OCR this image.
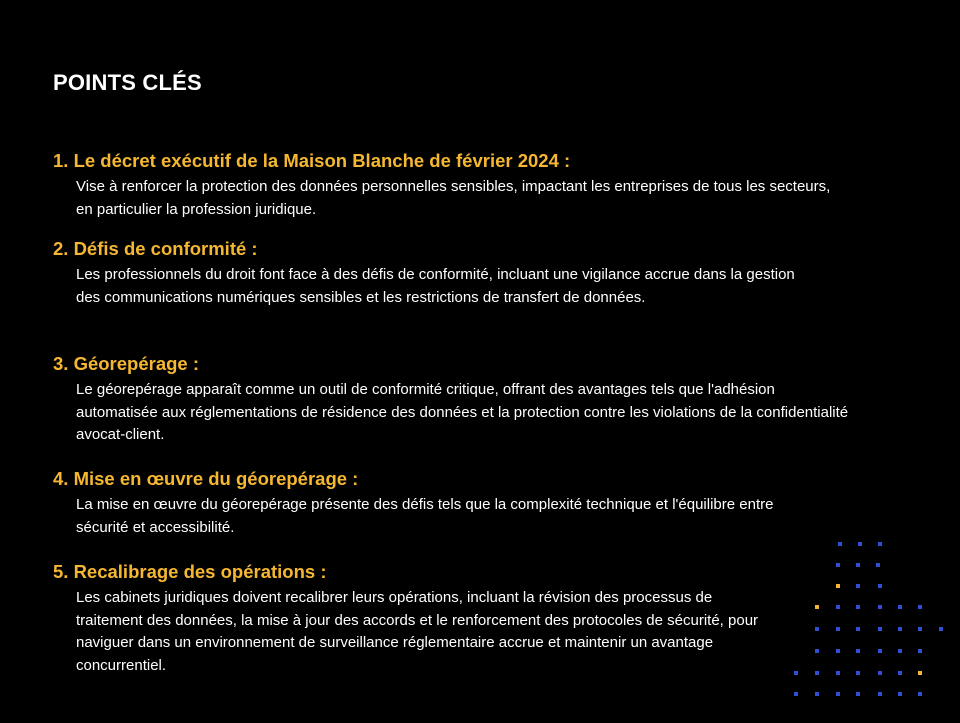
POINTS CLÉS
1. Le décret exécutif de la Maison Blanche de février 2024 :
Vise à renforcer la protection des données personnelles sensibles, impactant les entreprises de tous les secteurs, en particulier la profession juridique.
2. Défis de conformité :
Les professionnels du droit font face à des défis de conformité, incluant une vigilance accrue dans la gestion des communications numériques sensibles et les restrictions de transfert de données.
3. Géorepérage :
Le géorepérage apparaît comme un outil de conformité critique, offrant des avantages tels que l'adhésion automatisée aux réglementations de résidence des données et la protection contre les violations de la confidentialité avocat-client.
4. Mise en œuvre du géorepérage :
La mise en œuvre du géorepérage présente des défis tels que la complexité technique et l'équilibre entre sécurité et accessibilité.
5. Recalibrage des opérations :
Les cabinets juridiques doivent recalibrer leurs opérations, incluant la révision des processus de traitement des données, la mise à jour des accords et le renforcement des protocoles de sécurité, pour naviguer dans un environnement de surveillance réglementaire accrue et maintenir un avantage concurrentiel.
